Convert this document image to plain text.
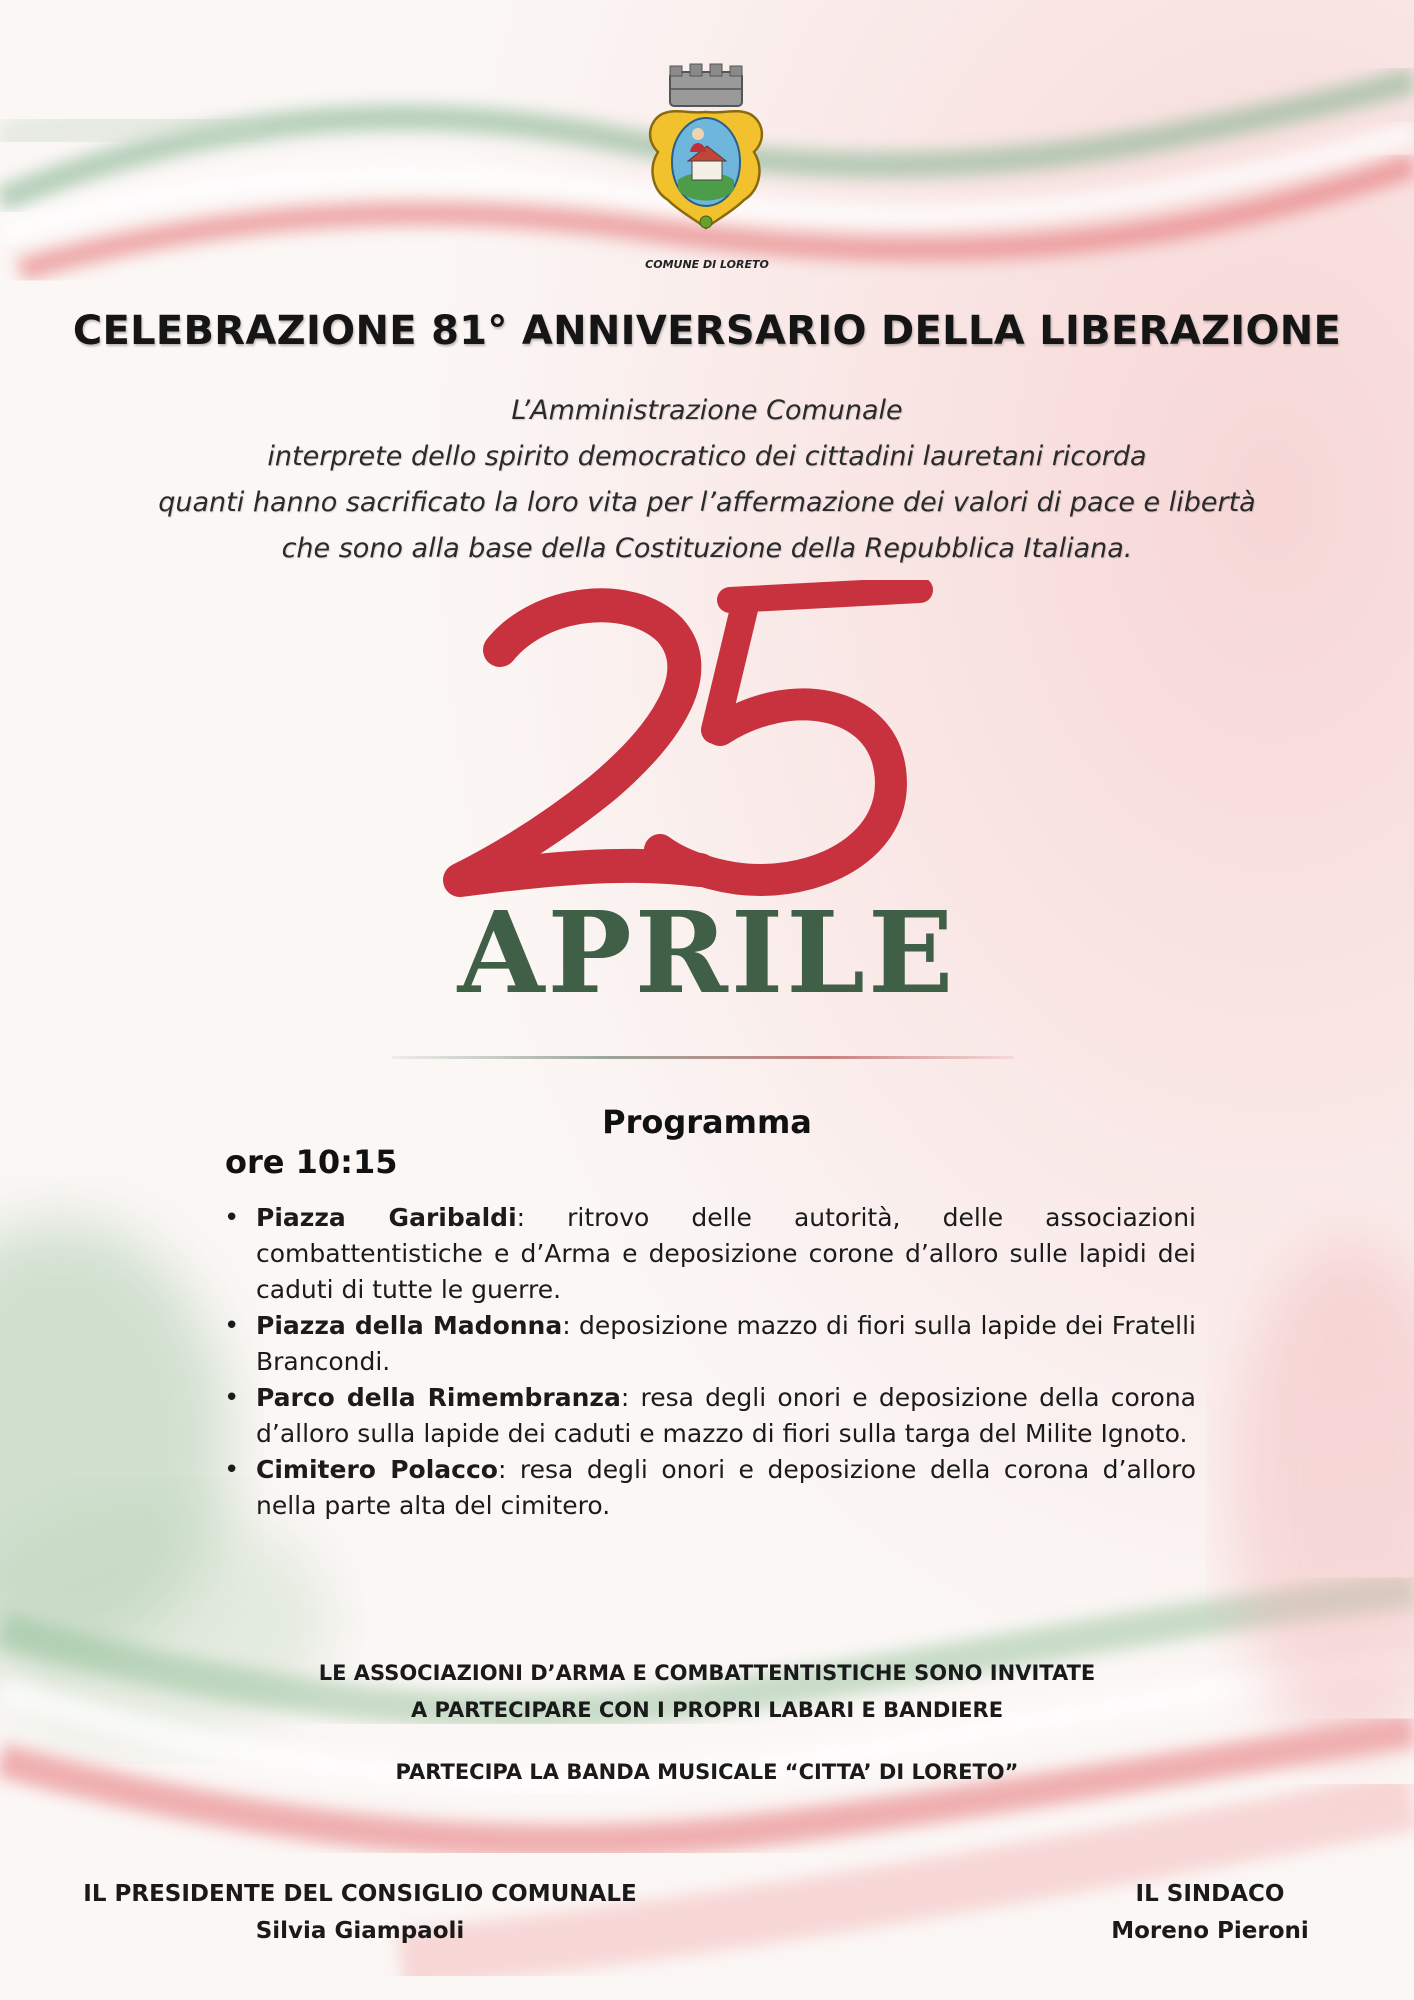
COMUNE DI LORETO
CELEBRAZIONE 81° ANNIVERSARIO DELLA LIBERAZIONE
L’Amministrazione Comunale
interprete dello spirito democratico dei cittadini lauretani ricorda
quanti hanno sacrificato la loro vita per l’affermazione dei valori di pace e libertà
che sono alla base della Costituzione della Repubblica Italiana.
APRILE
Programma
ore 10:15
• Piazza Garibaldi: ritrovo delle autorità, delle associazioni combattentistiche e d’Arma e deposizione corone d’alloro sulle lapidi dei caduti di tutte le guerre.
• Piazza della Madonna: deposizione mazzo di fiori sulla lapide dei Fratelli Brancondi.
• Parco della Rimembranza: resa degli onori e deposizione della corona d’alloro sulla lapide dei caduti e mazzo di fiori sulla targa del Milite Ignoto.
• Cimitero Polacco: resa degli onori e deposizione della corona d’alloro nella parte alta del cimitero.
LE ASSOCIAZIONI D’ARMA E COMBATTENTISTICHE SONO INVITATE
A PARTECIPARE CON I PROPRI LABARI E BANDIERE
PARTECIPA LA BANDA MUSICALE “CITTA’ DI LORETO”
IL PRESIDENTE DEL CONSIGLIO COMUNALE
Silvia Giampaoli
IL SINDACO
Moreno Pieroni
